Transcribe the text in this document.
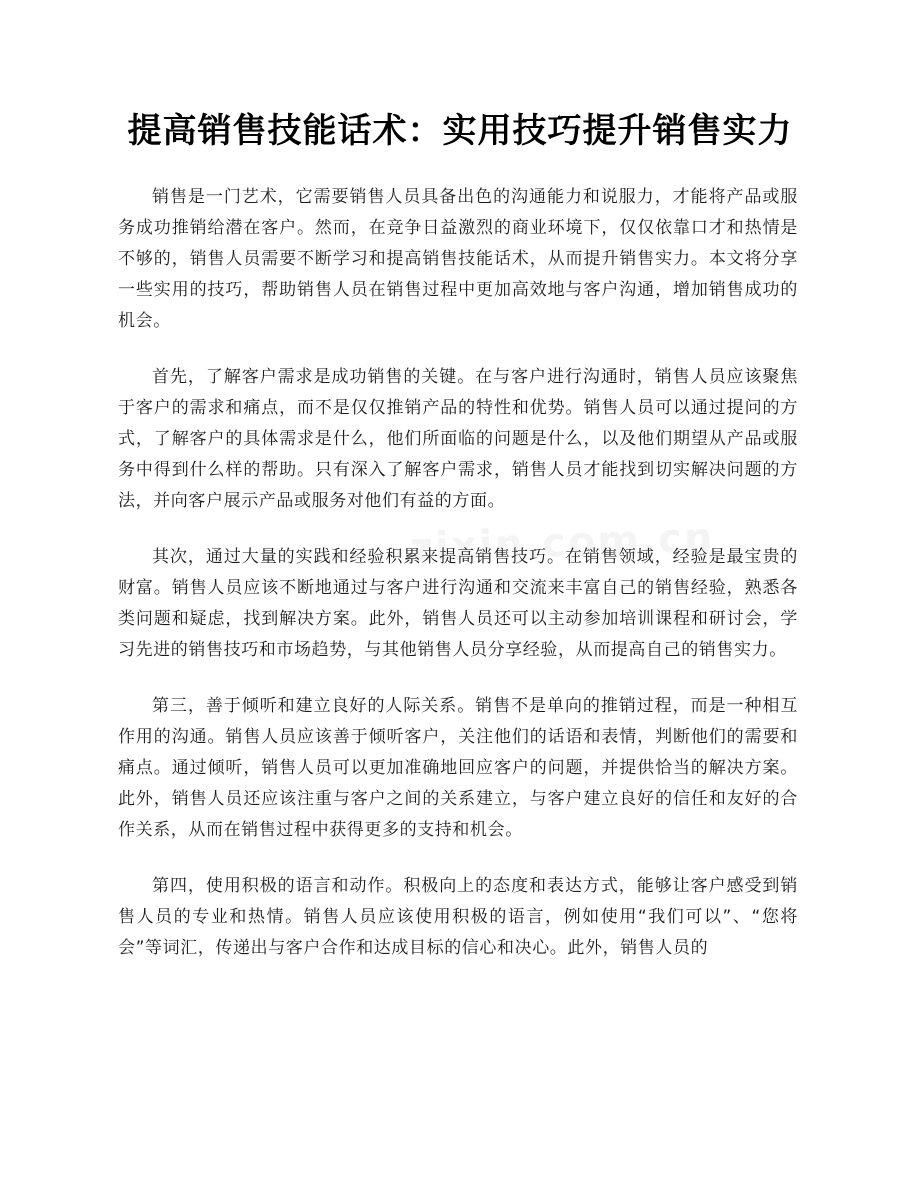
提高销售技能话术：实用技巧提升销售实力

销售是一门艺术，它需要销售人员具备出色的沟通能力和说服力，才能将产品或服务成功推销给潜在客户。然而，在竞争日益激烈的商业环境下，仅仅依靠口才和热情是不够的，销售人员需要不断学习和提高销售技能话术，从而提升销售实力。本文将分享一些实用的技巧，帮助销售人员在销售过程中更加高效地与客户沟通，增加销售成功的机会。

首先，了解客户需求是成功销售的关键。在与客户进行沟通时，销售人员应该聚焦于客户的需求和痛点，而不是仅仅推销产品的特性和优势。销售人员可以通过提问的方式，了解客户的具体需求是什么，他们所面临的问题是什么，以及他们期望从产品或服务中得到什么样的帮助。只有深入了解客户需求，销售人员才能找到切实解决问题的方法，并向客户展示产品或服务对他们有益的方面。

其次，通过大量的实践和经验积累来提高销售技巧。在销售领域，经验是最宝贵的财富。销售人员应该不断地通过与客户进行沟通和交流来丰富自己的销售经验，熟悉各类问题和疑虑，找到解决方案。此外，销售人员还可以主动参加培训课程和研讨会，学习先进的销售技巧和市场趋势，与其他销售人员分享经验，从而提高自己的销售实力。

第三，善于倾听和建立良好的人际关系。销售不是单向的推销过程，而是一种相互作用的沟通。销售人员应该善于倾听客户，关注他们的话语和表情，判断他们的需要和痛点。通过倾听，销售人员可以更加准确地回应客户的问题，并提供恰当的解决方案。此外，销售人员还应该注重与客户之间的关系建立，与客户建立良好的信任和友好的合作关系，从而在销售过程中获得更多的支持和机会。

第四，使用积极的语言和动作。积极向上的态度和表达方式，能够让客户感受到销售人员的专业和热情。销售人员应该使用积极的语言，例如使用“我们可以”、“您将会”等词汇，传递出与客户合作和达成目标的信心和决心。此外，销售人员的
